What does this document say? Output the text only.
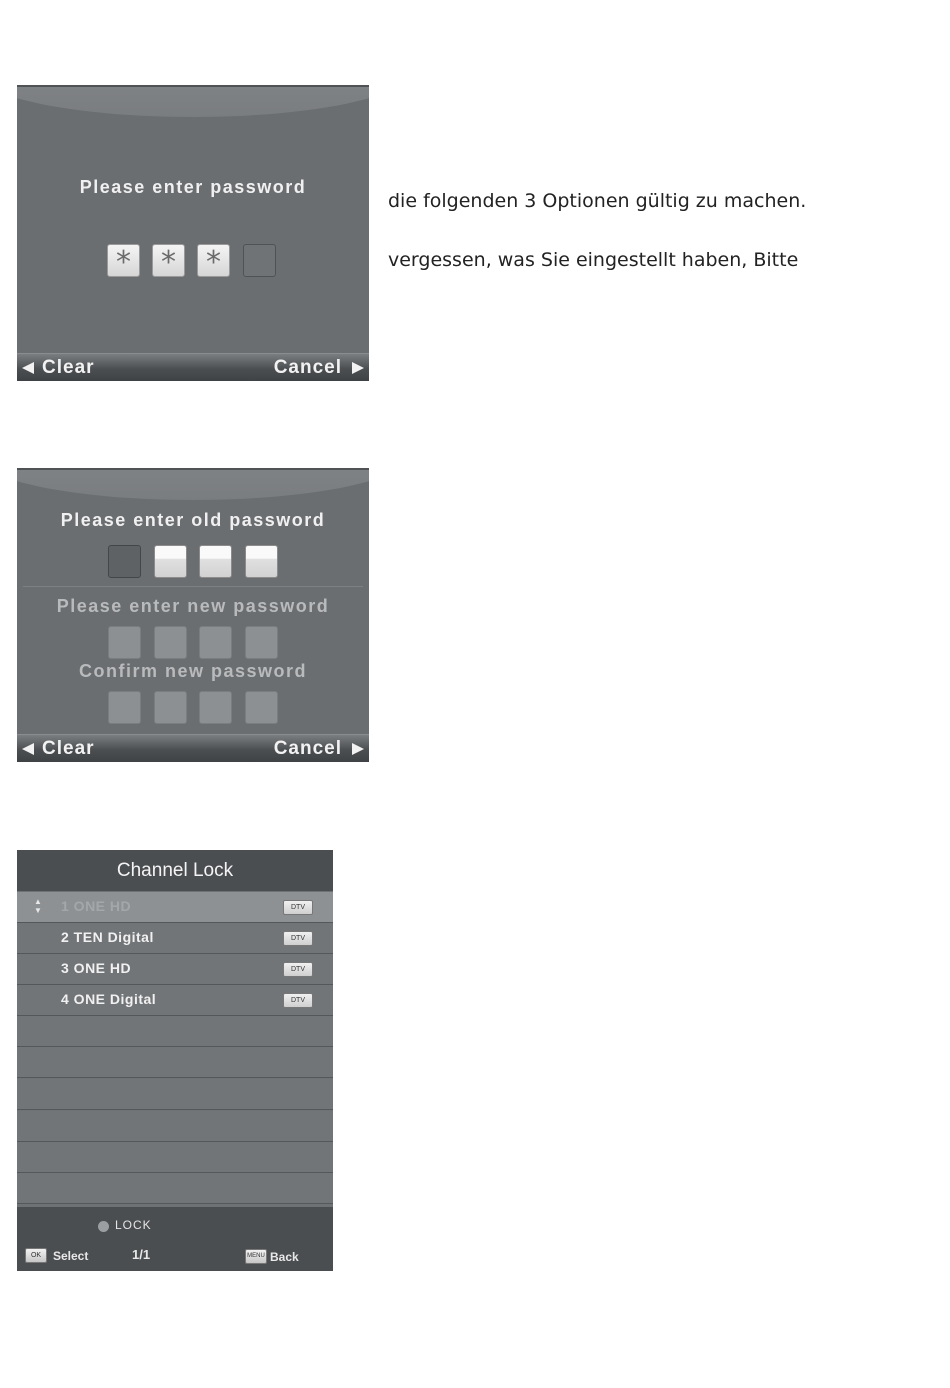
Please enter password
* * *
Clear	Cancel
die folgenden 3 Optionen gültig zu machen.
vergessen, was Sie eingestellt haben, Bitte
Please enter old password
Please enter new password
Confirm new password
Clear	Cancel
Channel Lock
▲
▼ 1 ONE HD	DTV
2 TEN Digital	DTV
3 ONE HD	DTV
4 ONE Digital	DTV
LOCK
OK Select	1/1	MENU Back
